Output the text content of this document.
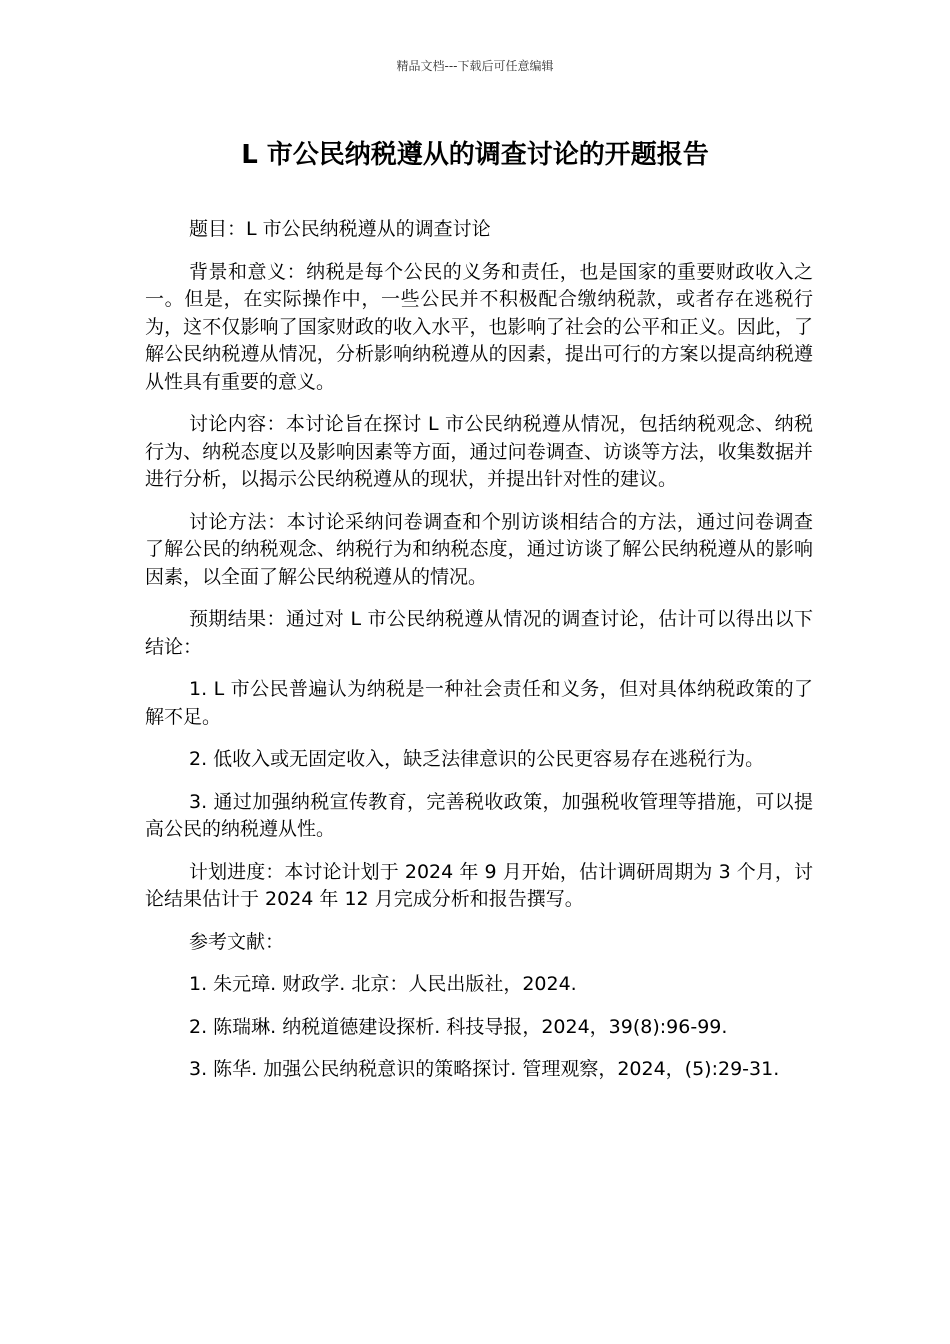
精品文档---下载后可任意编辑
L 市公民纳税遵从的调查讨论的开题报告

题目：L 市公民纳税遵从的调查讨论

背景和意义：纳税是每个公民的义务和责任，也是国家的重要财政收入之一。但是，在实际操作中，一些公民并不积极配合缴纳税款，或者存在逃税行为，这不仅影响了国家财政的收入水平，也影响了社会的公平和正义。因此，了解公民纳税遵从情况，分析影响纳税遵从的因素，提出可行的方案以提高纳税遵从性具有重要的意义。

讨论内容：本讨论旨在探讨 L 市公民纳税遵从情况，包括纳税观念、纳税行为、纳税态度以及影响因素等方面，通过问卷调查、访谈等方法，收集数据并进行分析，以揭示公民纳税遵从的现状，并提出针对性的建议。

讨论方法：本讨论采纳问卷调查和个别访谈相结合的方法，通过问卷调查了解公民的纳税观念、纳税行为和纳税态度，通过访谈了解公民纳税遵从的影响因素，以全面了解公民纳税遵从的情况。

预期结果：通过对 L 市公民纳税遵从情况的调查讨论，估计可以得出以下结论：

1. L 市公民普遍认为纳税是一种社会责任和义务，但对具体纳税政策的了解不足。

2. 低收入或无固定收入，缺乏法律意识的公民更容易存在逃税行为。

3. 通过加强纳税宣传教育，完善税收政策，加强税收管理等措施，可以提高公民的纳税遵从性。

计划进度：本讨论计划于 2024 年 9 月开始，估计调研周期为 3 个月，讨论结果估计于 2024 年 12 月完成分析和报告撰写。

参考文献：

1. 朱元璋. 财政学. 北京：人民出版社，2024.

2. 陈瑞琳. 纳税道德建设探析. 科技导报，2024，39(8):96-99.

3. 陈华. 加强公民纳税意识的策略探讨. 管理观察，2024，(5):29-31.
